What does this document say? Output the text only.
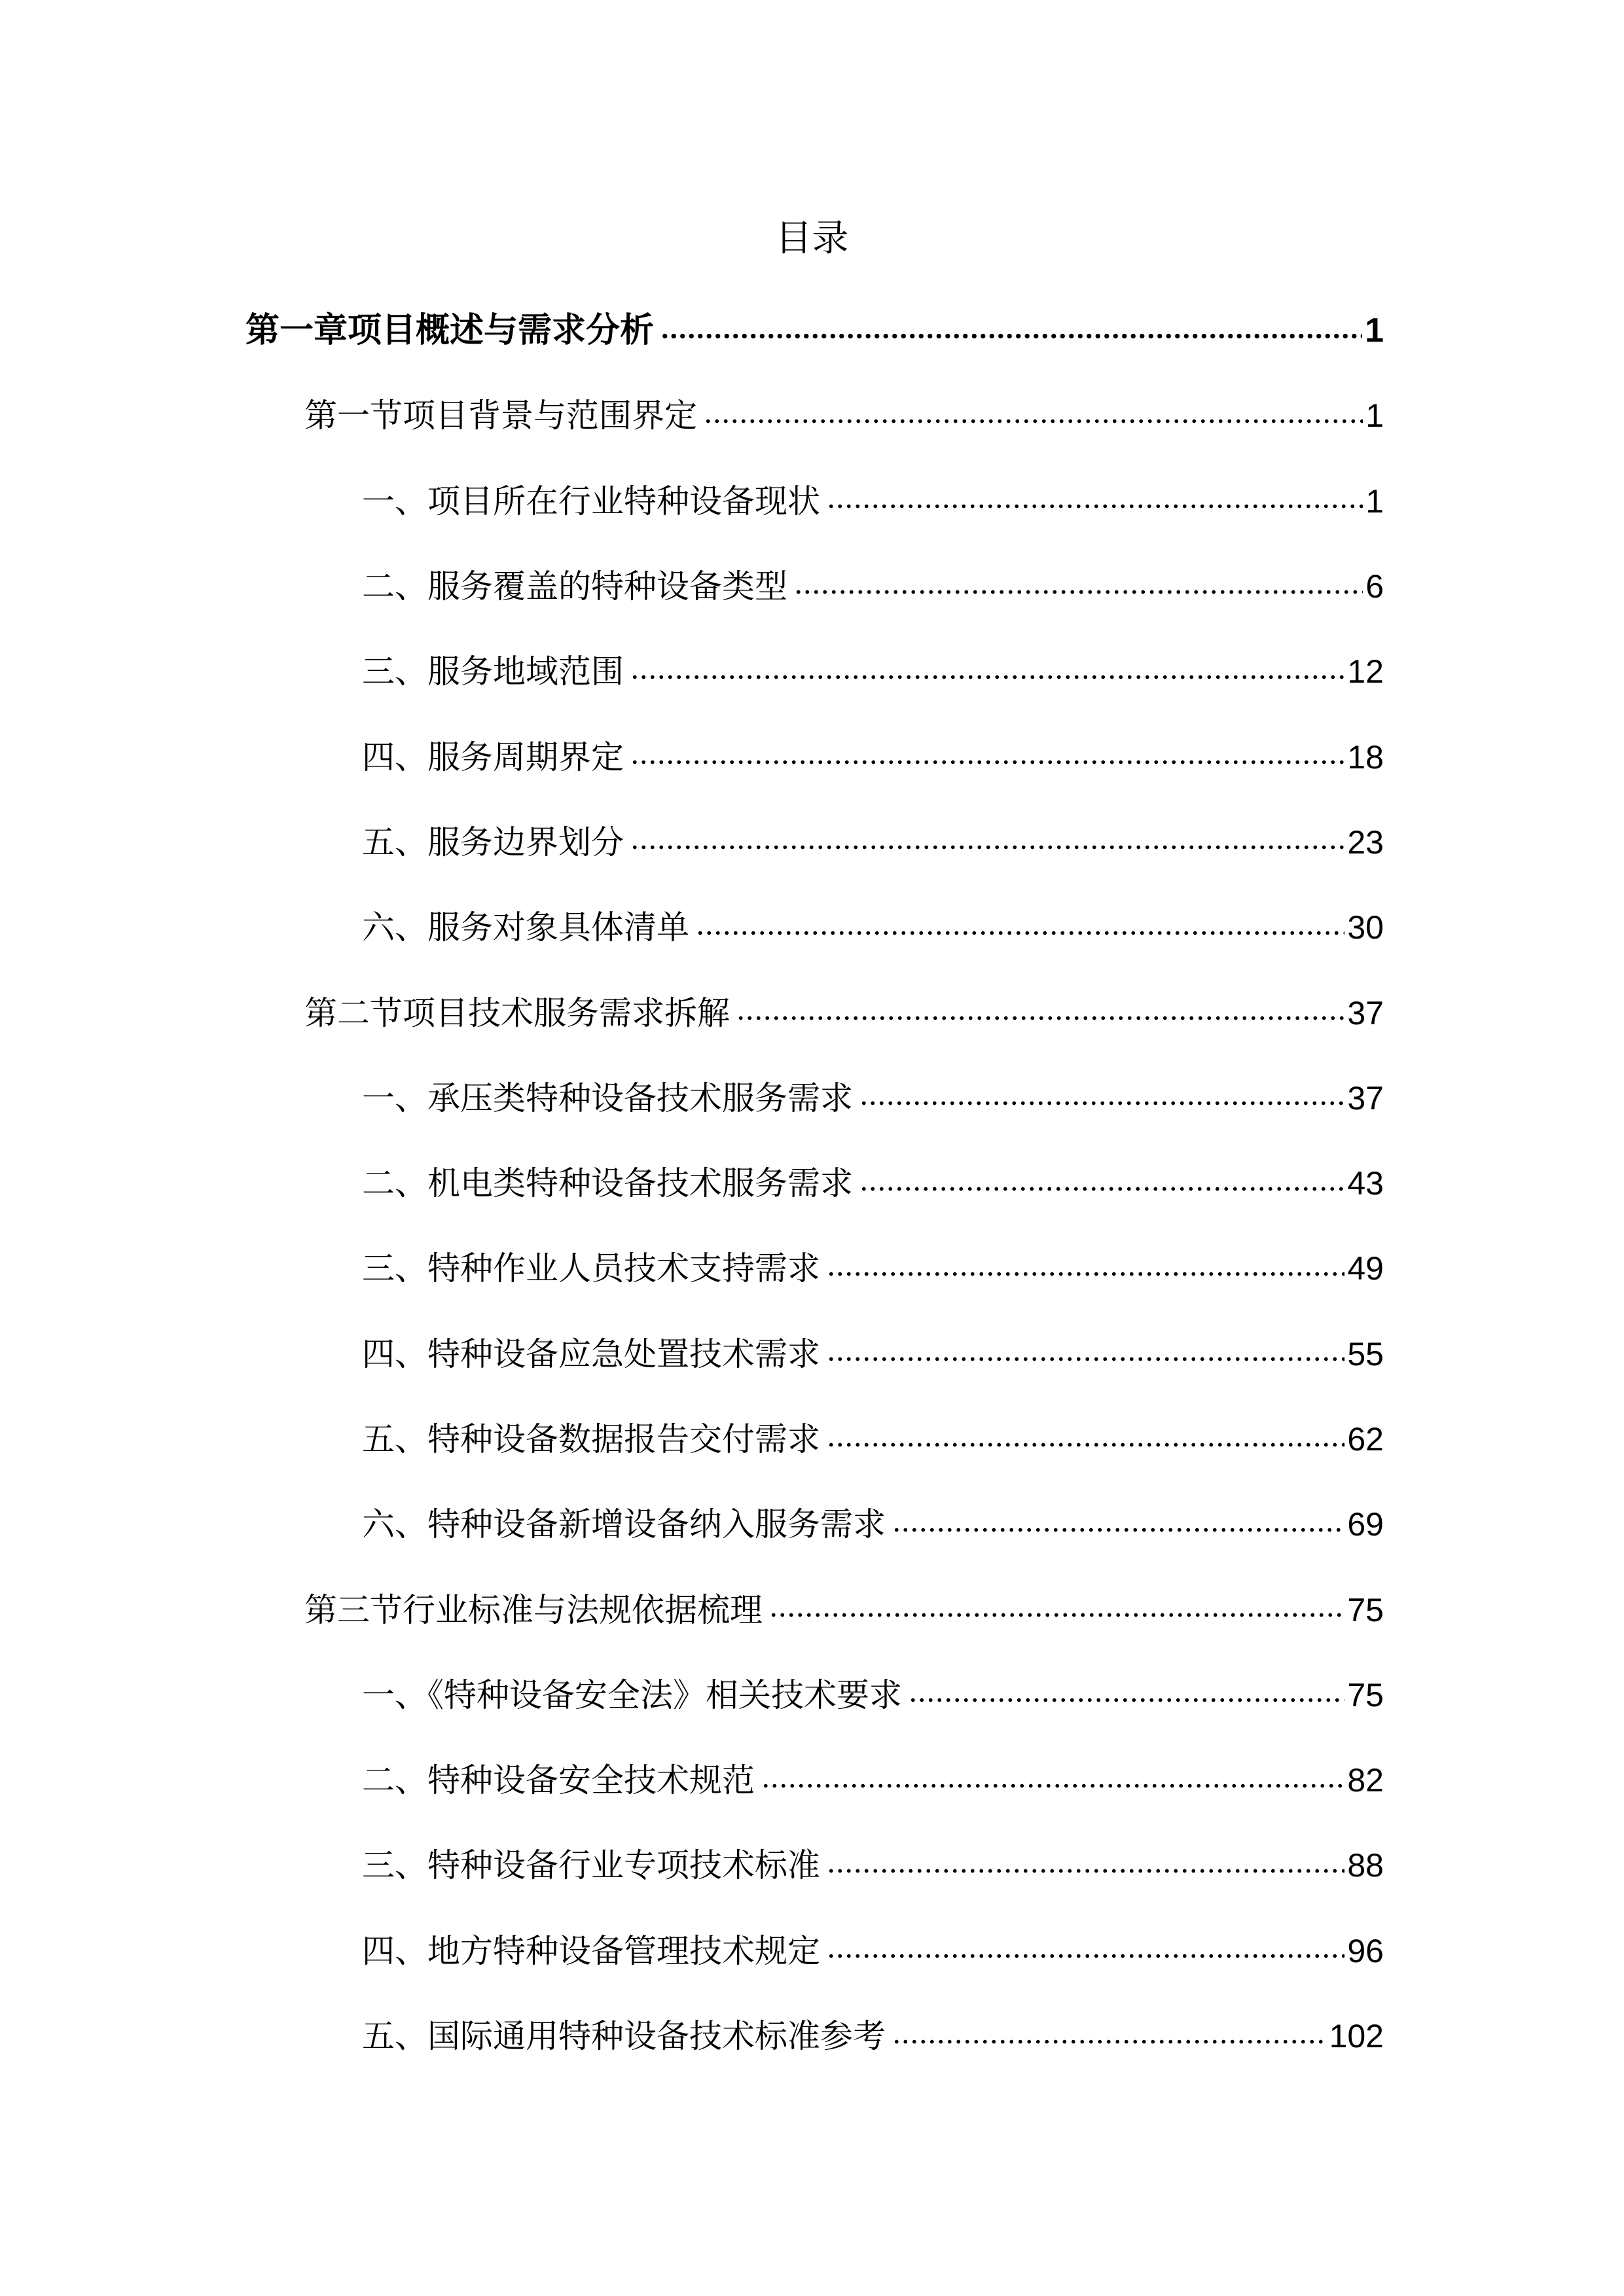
目录
第一章项目概述与需求分析	1
第一节项目背景与范围界定	1
一、项目所在行业特种设备现状	1
二、服务覆盖的特种设备类型	6
三、服务地域范围	12
四、服务周期界定	18
五、服务边界划分	23
六、服务对象具体清单	30
第二节项目技术服务需求拆解	37
一、承压类特种设备技术服务需求	37
二、机电类特种设备技术服务需求	43
三、特种作业人员技术支持需求	49
四、特种设备应急处置技术需求	55
五、特种设备数据报告交付需求	62
六、特种设备新增设备纳入服务需求	69
第三节行业标准与法规依据梳理	75
一、《特种设备安全法》相关技术要求	75
二、特种设备安全技术规范	82
三、特种设备行业专项技术标准	88
四、地方特种设备管理技术规定	96
五、国际通用特种设备技术标准参考	102
